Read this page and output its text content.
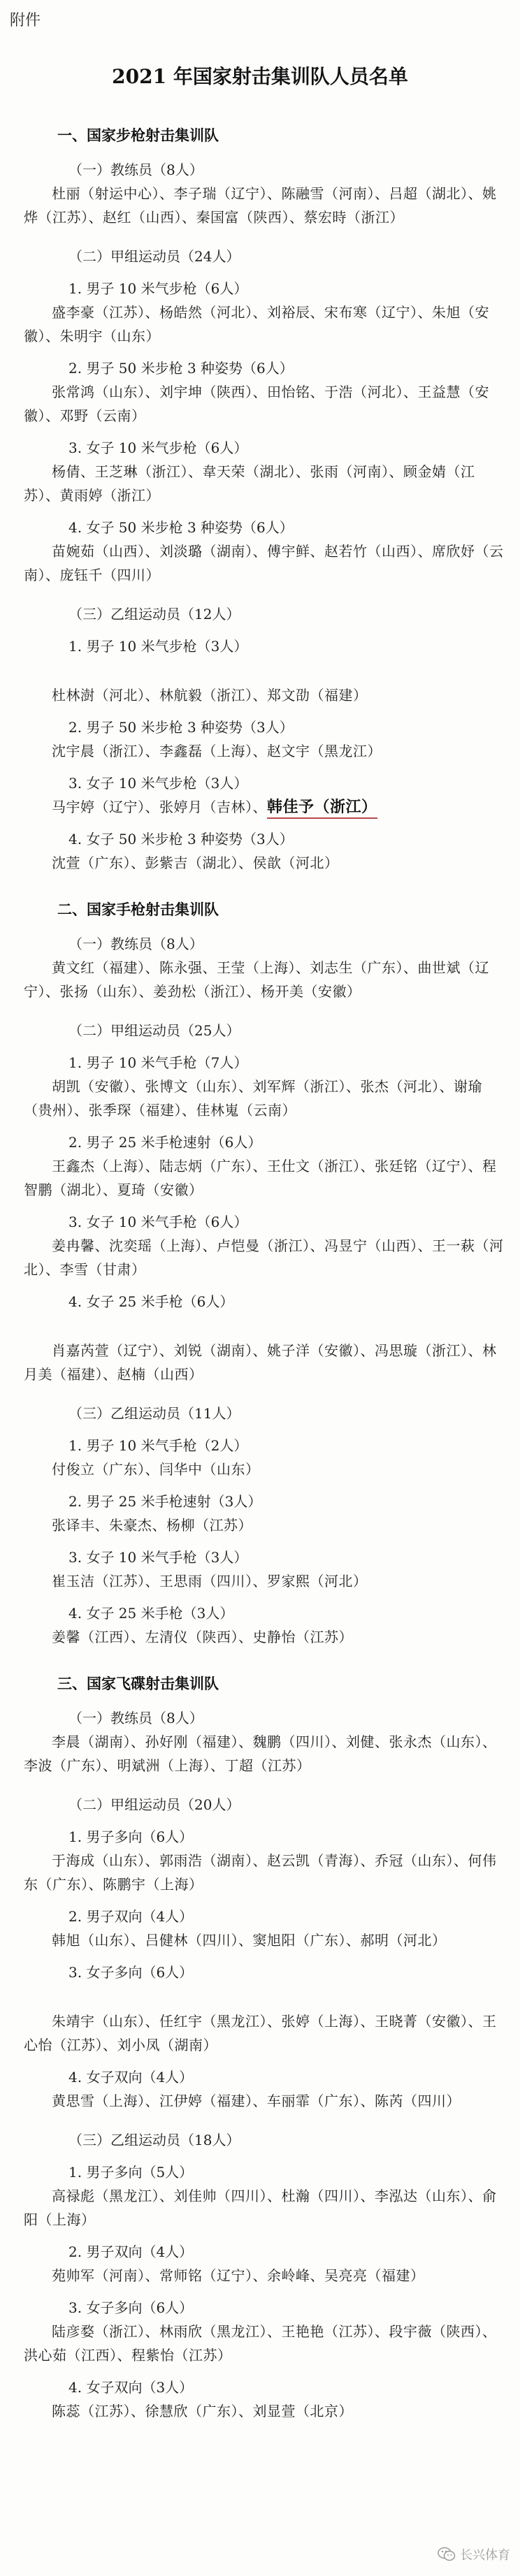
附件
2021 年国家射击集训队人员名单
一、国家步枪射击集训队
（一）教练员（8人）
杜丽（射运中心）、李子瑞（辽宁）、陈融雪（河南）、吕超（湖北）、姚烨（江苏）、赵红（山西）、秦国富（陕西）、蔡宏時（浙江）
（二）甲组运动员（24人）
1. 男子 10 米气步枪（6人）
盛李豪（江苏）、杨皓然（河北）、刘裕辰、宋布寒（辽宁）、朱旭（安徽）、朱明宇（山东）
2. 男子 50 米步枪 3 种姿势（6人）
张常鸿（山东）、刘宇坤（陕西）、田怡铭、于浩（河北）、王益慧（安徽）、邓野（云南）
3. 女子 10 米气步枪（6人）
杨倩、王芝琳（浙江）、韋天荣（湖北）、张雨（河南）、顾金婧（江苏）、黄雨婷（浙江）
4. 女子 50 米步枪 3 种姿势（6人）
苗婉茹（山西）、刘淡璐（湖南）、傅宇鲜、赵若竹（山西）、席欣妤（云南）、庞钰千（四川）
（三）乙组运动员（12人）
1. 男子 10 米气步枪（3人）
杜林澍（河北）、林航毅（浙江）、郑文劭（福建）
2. 男子 50 米步枪 3 种姿势（3人）
沈宇晨（浙江）、李鑫磊（上海）、赵文宇（黑龙江）
3. 女子 10 米气步枪（3人）
马宇婷（辽宁）、张婷月（吉林）、韩佳予（浙江）
4. 女子 50 米步枪 3 种姿势（3人）
沈萱（广东）、彭紫吉（湖北）、侯歆（河北）
二、国家手枪射击集训队
（一）教练员（8人）
黄文红（福建）、陈永强、王莹（上海）、刘志生（广东）、曲世斌（辽宁）、张扬（山东）、姜劲松（浙江）、杨开美（安徽）
（二）甲组运动员（25人）
1. 男子 10 米气手枪（7人）
胡凯（安徽）、张博文（山东）、刘军辉（浙江）、张杰（河北）、谢瑜（贵州）、张季琛（福建）、佳林嵬（云南）
2. 男子 25 米手枪速射（6人）
王鑫杰（上海）、陆志炳（广东）、王仕文（浙江）、张廷铭（辽宁）、程智鹏（湖北）、夏琦（安徽）
3. 女子 10 米气手枪（6人）
姜冉馨、沈奕瑶（上海）、卢恺曼（浙江）、冯昱宁（山西）、王一萩（河北）、李雪（甘肃）
4. 女子 25 米手枪（6人）
肖嘉芮萱（辽宁）、刘锐（湖南）、姚子洋（安徽）、冯思璇（浙江）、林月美（福建）、赵楠（山西）
（三）乙组运动员（11人）
1. 男子 10 米气手枪（2人）
付俊立（广东）、闫华中（山东）
2. 男子 25 米手枪速射（3人）
张译丰、朱豪杰、杨柳（江苏）
3. 女子 10 米气手枪（3人）
崔玉洁（江苏）、王思雨（四川）、罗家熙（河北）
4. 女子 25 米手枪（3人）
姜馨（江西）、左清仪（陕西）、史静怡（江苏）
三、国家飞碟射击集训队
（一）教练员（8人）
李晨（湖南）、孙好刚（福建）、魏鹏（四川）、刘健、张永杰（山东）、李波（广东）、明斌洲（上海）、丁超（江苏）
（二）甲组运动员（20人）
1. 男子多向（6人）
于海成（山东）、郭雨浩（湖南）、赵云凯（青海）、乔冠（山东）、何伟东（广东）、陈鹏宇（上海）
2. 男子双向（4人）
韩旭（山东）、吕健林（四川）、窦旭阳（广东）、郝明（河北）
3. 女子多向（6人）
朱靖宇（山东）、任红宇（黑龙江）、张婷（上海）、王晓菁（安徽）、王心怡（江苏）、刘小凤（湖南）
4. 女子双向（4人）
黄思雪（上海）、江伊婷（福建）、车丽霏（广东）、陈芮（四川）
（三）乙组运动员（18人）
1. 男子多向（5人）
高禄彪（黑龙江）、刘佳帅（四川）、杜瀚（四川）、李泓达（山东）、俞阳（上海）
2. 男子双向（4人）
苑帅军（河南）、常师铭（辽宁）、余岭峰、吴亮亮（福建）
3. 女子多向（6人）
陆彦婺（浙江）、林雨欣（黑龙江）、王艳艳（江苏）、段宇薇（陕西）、洪心茹（江西）、程紫怡（江苏）
4. 女子双向（3人）
陈蕊（江苏）、徐慧欣（广东）、刘显萱（北京）
长兴体育
